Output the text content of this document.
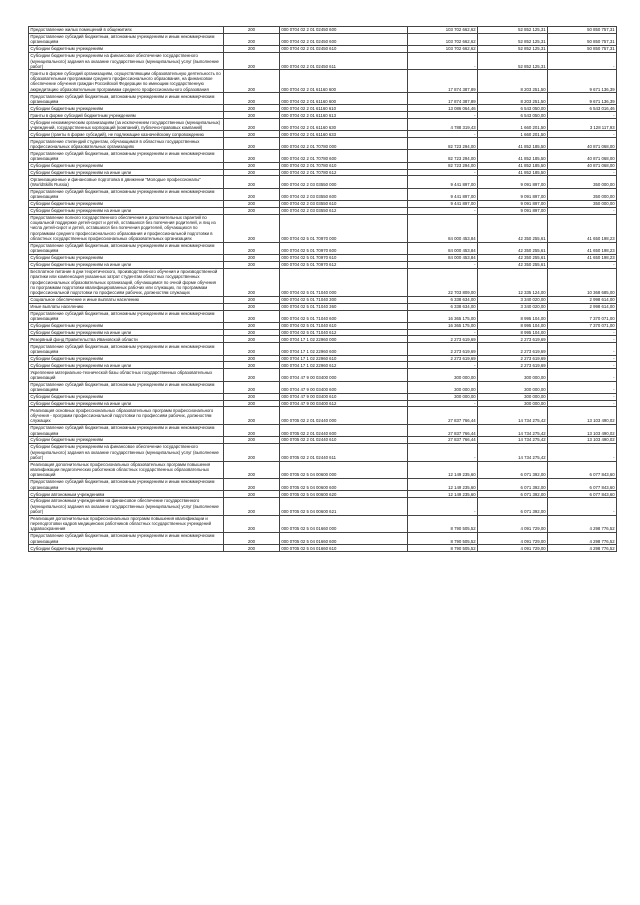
Предоставление жилых помещений в общежитиях	200	000 0704 02 2 01 02450 600	103 702 662,62	52 852 125,31	50 850 757,31
Предоставление субсидий бюджетным, автономным учреждениям и иным некоммерческим организациям	200	000 0704 02 2 01 02450 600	103 702 662,62	52 852 125,31	50 850 757,31
Субсидии бюджетным учреждениям	200	000 0704 02 2 01 02450 610	103 702 662,62	52 852 125,31	50 850 757,31
Субсидии бюджетным учреждениям на финансовое обеспечение государственного (муниципального) задания на оказание государственных (муниципальных) услуг (выполнение работ)	200	000 0704 02 2 01 02450 611	-	52 852 125,31	-
Гранты в форме субсидий организациям, осуществляющим образовательную деятельность по образовательным программам среднего профессионального образования, на финансовое обеспечение обучения граждан Российской Федерации по имеющим государственную аккредитацию образовательным программам среднего профессионального образования	200	000 0704 02 2 01 61160 600	17 874 387,89	8 203 251,50	9 671 136,39
Предоставление субсидий бюджетным, автономным учреждениям и иным некоммерческим организациям	200	000 0704 02 2 01 61160 600	17 874 387,89	8 203 251,50	9 671 136,39
Субсидии бюджетным учреждениям	200	000 0704 02 2 01 61160 610	13 086 064,46	6 543 050,00	6 543 016,46
Гранты в форме субсидий бюджетным учреждениям	200	000 0704 02 2 01 61160 613	-	6 543 050,00	-
Субсидии некоммерческим организациям (за исключением государственных (муниципальных) учреждений, государственных корпораций (компаний), публично-правовых компаний)	200	000 0704 02 2 01 61160 630	4 788 319,43	1 660 201,50	3 128 117,93
Субсидии (гранты в форме субсидий), не подлежащие казначейскому сопровождению	200	000 0704 02 2 01 61160 633	-	1 660 201,50	-
Предоставление стипендий студентам, обучающимся в областных государственных профессиональных образовательных организациях	200	000 0704 02 2 01 70780 000	82 723 294,00	41 852 185,50	40 871 068,00
Предоставление субсидий бюджетным, автономным учреждениям и иным некоммерческим организациям	200	000 0704 02 2 01 70780 600	82 723 294,00	41 852 185,50	40 871 068,00
Субсидии бюджетным учреждениям	200	000 0704 02 2 01 70780 610	82 723 294,00	41 852 185,50	40 871 068,00
Субсидии бюджетным учреждениям на иные цели	200	000 0704 02 2 01 70780 612	-	41 852 185,50	-
Организационные и финансовые подготовка в движении "Молодые профессионалы" (WorldSkills Russia)	200	000 0704 02 2 03 03550 000	9 441 897,00	9 091 897,00	350 000,00
Предоставление субсидий бюджетным, автономным учреждениям и иным некоммерческим организациям	200	000 0704 02 2 03 03550 600	9 441 897,00	9 091 897,00	350 000,00
Субсидии бюджетным учреждениям	200	000 0704 02 2 03 03550 610	9 441 897,00	9 091 897,00	350 000,00
Субсидии бюджетным учреждениям на иные цели	200	000 0704 02 2 03 03550 612	-	9 091 897,00	-
Предоставление полного государственного обеспечения и дополнительных гарантий по социальной поддержке детей-сирот и детей, оставшихся без попечения родителей, и лиц из числа детей-сирот и детей, оставшихся без попечения родителей, обучающихся по программам среднего профессионального образования и профессиональной подготовки в областных государственных профессиональных образовательных организациях	200	000 0704 02 5 01 70970 000	84 000 453,84	42 350 255,61	41 650 198,23
Предоставление субсидий бюджетным, автономным учреждениям и иным некоммерческим организациям	200	000 0704 02 5 01 70970 600	84 000 453,84	42 350 255,61	41 650 198,23
Субсидии бюджетным учреждениям	200	000 0704 02 5 01 70970 610	84 000 453,84	42 350 255,61	41 650 198,23
Субсидии бюджетным учреждениям на иные цели	200	000 0704 02 5 01 70970 612	-	42 350 255,61	-
Бесплатное питание в дни теоретического, производственного обучения и производственной практики или компенсация указанных затрат студентам областных государственных профессиональных образовательных организаций, обучающимся по очной форме обучения по программам подготовки квалифицированных рабочих или служащих, по программам профессиональной подготовки по профессиям рабочих, должностям служащих	200	000 0704 02 5 01 71040 000	22 703 809,00	12 335 124,00	10 368 685,00
Социальное обеспечение и иные выплаты населению	200	000 0704 02 5 01 71040 300	6 338 634,00	3 340 020,00	2 998 614,00
Иные выплаты населению	200	000 0704 02 5 01 71040 360	6 338 634,00	3 340 020,00	2 998 614,00
Предоставление субсидий бюджетным, автономным учреждениям и иным некоммерческим организациям	200	000 0704 02 5 01 71040 600	16 365 175,00	8 995 104,00	7 370 071,00
Субсидии бюджетным учреждениям	200	000 0704 02 5 01 71040 610	16 365 175,00	8 995 104,00	7 370 071,00
Субсидии бюджетным учреждениям на иные цели	200	000 0704 02 5 01 71040 612	-	8 995 104,00	-
Резервный фонд Правительства Ивановской области	200	000 0704 17 1 02 22960 000	2 273 619,69	2 273 619,69	-
Предоставление субсидий бюджетным, автономным учреждениям и иным некоммерческим организациям	200	000 0704 17 1 02 22960 600	2 273 619,69	2 273 619,69	-
Субсидии бюджетным учреждениям	200	000 0704 17 1 02 22960 610	2 273 619,69	2 273 619,69	-
Субсидии бюджетным учреждениям на иные цели	200	000 0704 17 1 02 22960 612	-	2 273 619,69	-
Укрепление материально-технической базы областных государственных образовательных организаций	200	000 0704 47 9 00 03400 000	300 000,00	300 000,00	-
Предоставление субсидий бюджетным, автономным учреждениям и иным некоммерческим организациям	200	000 0704 47 9 00 03400 600	300 000,00	300 000,00	-
Субсидии бюджетным учреждениям	200	000 0704 47 9 00 03400 610	300 000,00	300 000,00	-
Субсидии бюджетным учреждениям на иные цели	200	000 0704 47 9 00 03400 612	-	300 000,00	-
Реализация основных профессиональных образовательных программ профессионального обучения - программ профессиональной подготовки по профессиям рабочих, должностям служащих	200	000 0705 02 2 01 02440 000	27 837 766,44	14 734 275,42	13 103 490,02
Предоставление субсидий бюджетным, автономным учреждениям и иным некоммерческим организациям	200	000 0705 02 2 01 02440 600	27 837 766,44	14 734 275,42	13 103 490,02
Субсидии бюджетным учреждениям	200	000 0705 02 2 01 02440 610	27 837 766,44	14 734 275,42	13 103 490,02
Субсидии бюджетным учреждениям на финансовое обеспечение государственного (муниципального) задания на оказание государственных (муниципальных) услуг (выполнение работ)	200	000 0705 02 2 01 02440 611	-	14 734 275,42	-
Реализация дополнительных профессиональных образовательных программ повышения квалификации педагогических работников областных государственных образовательных организаций	200	000 0705 02 5 04 00600 000	12 149 235,60	6 071 392,00	6 077 843,60
Предоставление субсидий бюджетным, автономным учреждениям и иным некоммерческим организациям	200	000 0705 02 5 04 00600 600	12 149 235,60	6 071 392,00	6 077 843,60
Субсидии автономным учреждениям	200	000 0705 02 5 04 00600 620	12 149 235,60	6 071 392,00	6 077 843,60
Субсидии автономным учреждениям на финансовое обеспечение государственного (муниципального) задания на оказание государственных (муниципальных) услуг (выполнение работ)	200	000 0705 02 5 04 00600 621	-	6 071 392,00	-
Реализация дополнительных профессиональных программ повышения квалификации и переподготовки кадров медицинских работников областных государственных учреждений здравоохранения	200	000 0705 02 5 04 01660 000	8 790 505,52	4 091 729,00	4 298 776,52
Предоставление субсидий бюджетным, автономным учреждениям и иным некоммерческим организациям	200	000 0705 02 5 04 01660 600	8 790 505,52	4 091 729,00	4 298 776,52
Субсидии бюджетным учреждениям	200	000 0705 02 5 04 01660 610	8 790 505,52	4 091 729,00	4 298 776,52
